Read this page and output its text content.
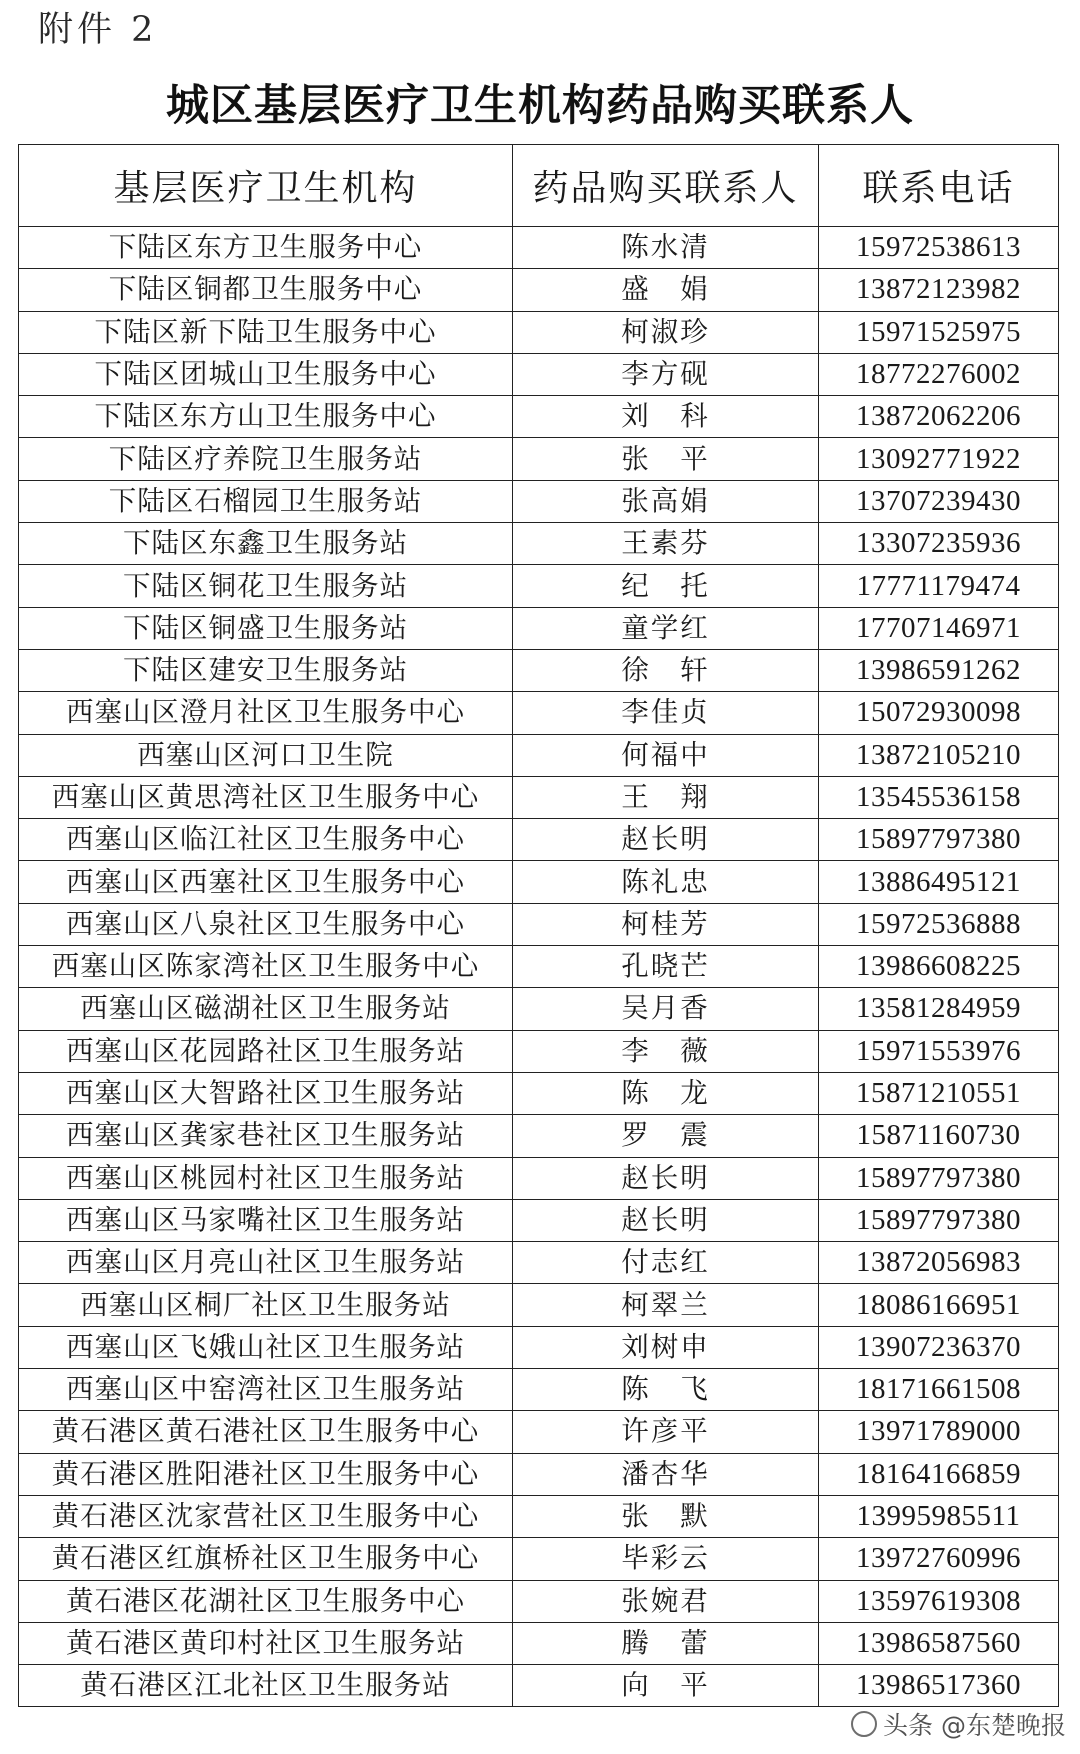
附件 2
城区基层医疗卫生机构药品购买联系人
基层医疗卫生机构	药品购买联系人	联系电话
下陆区东方卫生服务中心	陈水清	15972538613
下陆区铜都卫生服务中心	盛　娟	13872123982
下陆区新下陆卫生服务中心	柯淑珍	15971525975
下陆区团城山卫生服务中心	李方砚	18772276002
下陆区东方山卫生服务中心	刘　科	13872062206
下陆区疗养院卫生服务站	张　平	13092771922
下陆区石榴园卫生服务站	张高娟	13707239430
下陆区东鑫卫生服务站	王素芬	13307235936
下陆区铜花卫生服务站	纪　托	17771179474
下陆区铜盛卫生服务站	童学红	17707146971
下陆区建安卫生服务站	徐　轩	13986591262
西塞山区澄月社区卫生服务中心	李佳贞	15072930098
西塞山区河口卫生院	何福中	13872105210
西塞山区黄思湾社区卫生服务中心	王　翔	13545536158
西塞山区临江社区卫生服务中心	赵长明	15897797380
西塞山区西塞社区卫生服务中心	陈礼忠	13886495121
西塞山区八泉社区卫生服务中心	柯桂芳	15972536888
西塞山区陈家湾社区卫生服务中心	孔晓芒	13986608225
西塞山区磁湖社区卫生服务站	吴月香	13581284959
西塞山区花园路社区卫生服务站	李　薇	15971553976
西塞山区大智路社区卫生服务站	陈　龙	15871210551
西塞山区龚家巷社区卫生服务站	罗　震	15871160730
西塞山区桃园村社区卫生服务站	赵长明	15897797380
西塞山区马家嘴社区卫生服务站	赵长明	15897797380
西塞山区月亮山社区卫生服务站	付志红	13872056983
西塞山区桐厂社区卫生服务站	柯翠兰	18086166951
西塞山区飞娥山社区卫生服务站	刘树申	13907236370
西塞山区中窑湾社区卫生服务站	陈　飞	18171661508
黄石港区黄石港社区卫生服务中心	许彦平	13971789000
黄石港区胜阳港社区卫生服务中心	潘杏华	18164166859
黄石港区沈家营社区卫生服务中心	张　默	13995985511
黄石港区红旗桥社区卫生服务中心	毕彩云	13972760996
黄石港区花湖社区卫生服务中心	张婉君	13597619308
黄石港区黄印村社区卫生服务站	腾　蕾	13986587560
黄石港区江北社区卫生服务站	向　平	13986517360
头条 @东楚晚报
